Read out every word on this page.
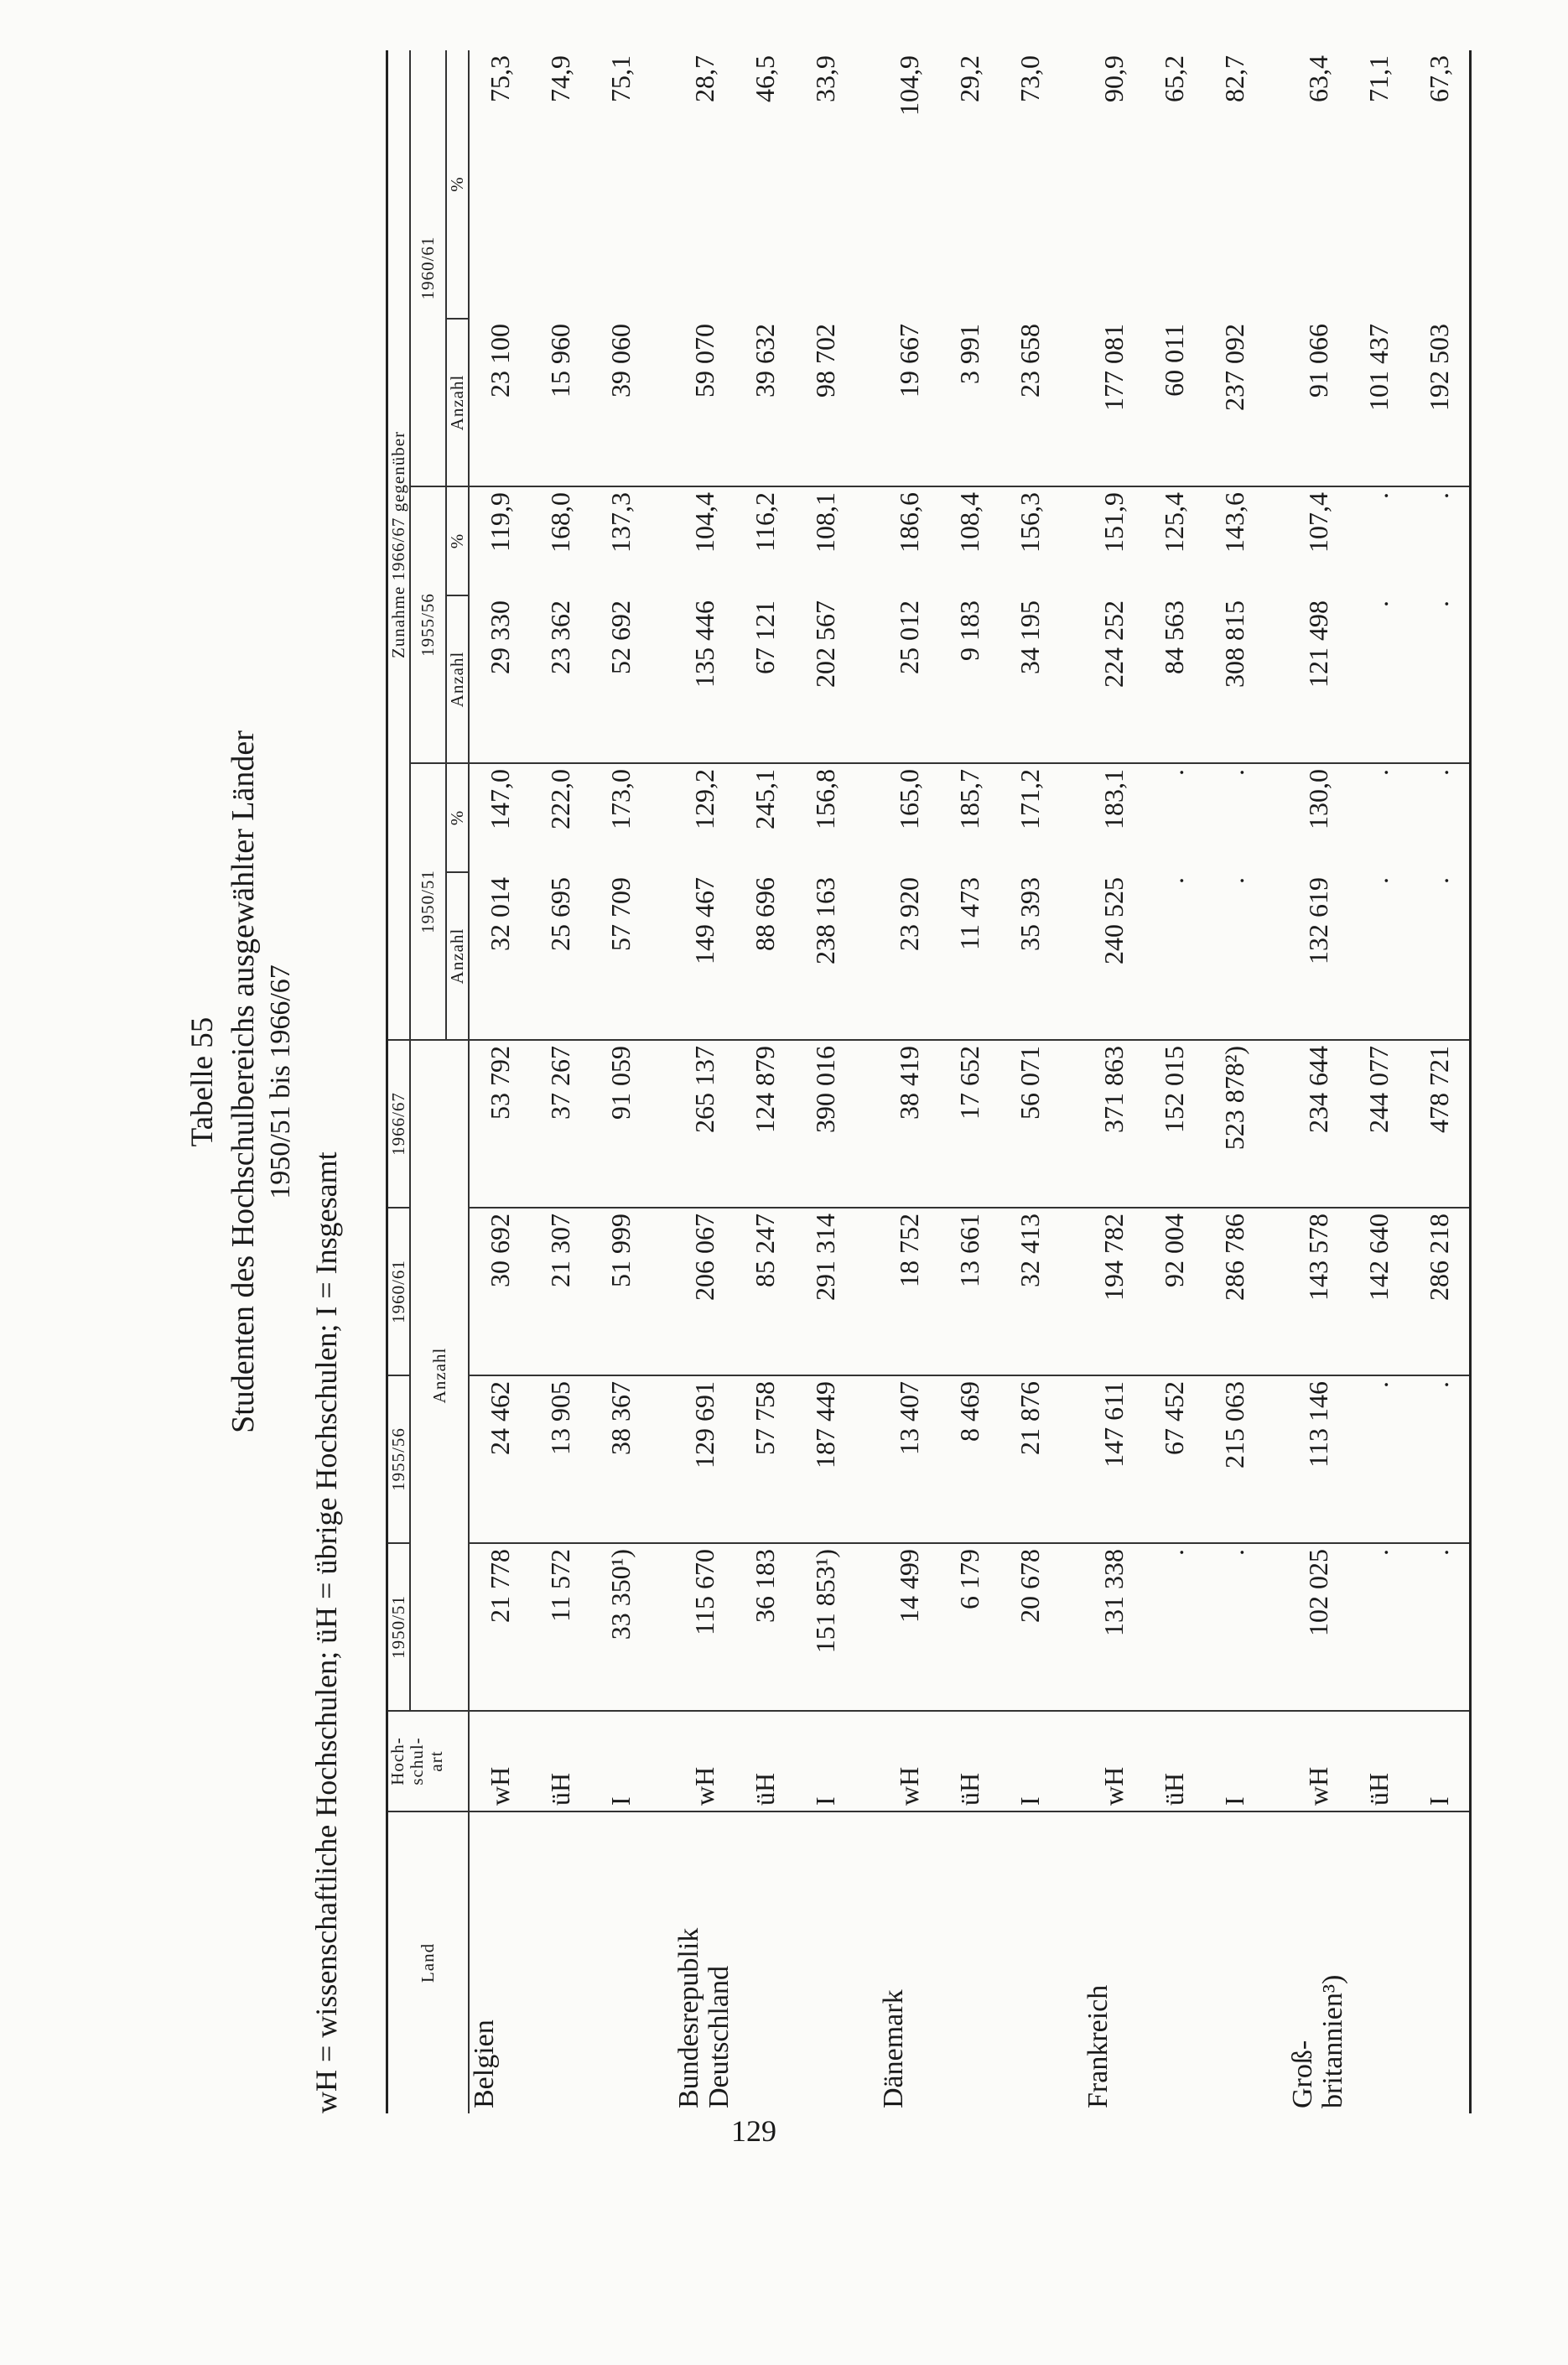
Tabelle 55 Studenten des Hochschulbereichs ausgewählter Länder 1950/51 bis 1966/67
wH = wissenschaftliche Hochschulen; üH = übrige Hochschulen; I = Insgesamt	Land	Hoch-
schul-
art	1950/51	1955/56	1960/61	1966/67	Zunahme 1966/67 gegenüber					
		Anzahl				1950/51		1955/56		1960/61	
						Anzahl	%	Anzahl	%	Anzahl	%
Belgien	wH	21 778	24 462	30 692	53 792	32 014	147,0	29 330	119,9	23 100	75,3
	üH	11 572	13 905	21 307	37 267	25 695	222,0	23 362	168,0	15 960	74,9
	I	33 350¹)	38 367	51 999	91 059	57 709	173,0	52 692	137,3	39 060	75,1

Bundesrepublik
Deutschland	wH	115 670	129 691	206 067	265 137	149 467	129,2	135 446	104,4	59 070	28,7
	üH	36 183	57 758	85 247	124 879	88 696	245,1	67 121	116,2	39 632	46,5
	I	151 853¹)	187 449	291 314	390 016	238 163	156,8	202 567	108,1	98 702	33,9

Dänemark	wH	14 499	13 407	18 752	38 419	23 920	165,0	25 012	186,6	19 667	104,9
	üH	6 179	8 469	13 661	17 652	11 473	185,7	9 183	108,4	3 991	29,2
	I	20 678	21 876	32 413	56 071	35 393	171,2	34 195	156,3	23 658	73,0

Frankreich	wH	131 338	147 611	194 782	371 863	240 525	183,1	224 252	151,9	177 081	90,9
	üH	.	67 452	92 004	152 015	.	.	84 563	125,4	60 011	65,2
	I	.	215 063	286 786	523 878²)	.	.	308 815	143,6	237 092	82,7

Groß-
britannien³)	wH	102 025	113 146	143 578	234 644	132 619	130,0	121 498	107,4	91 066	63,4
	üH	.	.	142 640	244 077	.	.	.	.	101 437	71,1
	I	.	.	286 218	478 721	.	.	.	.	192 503	67,3
129
